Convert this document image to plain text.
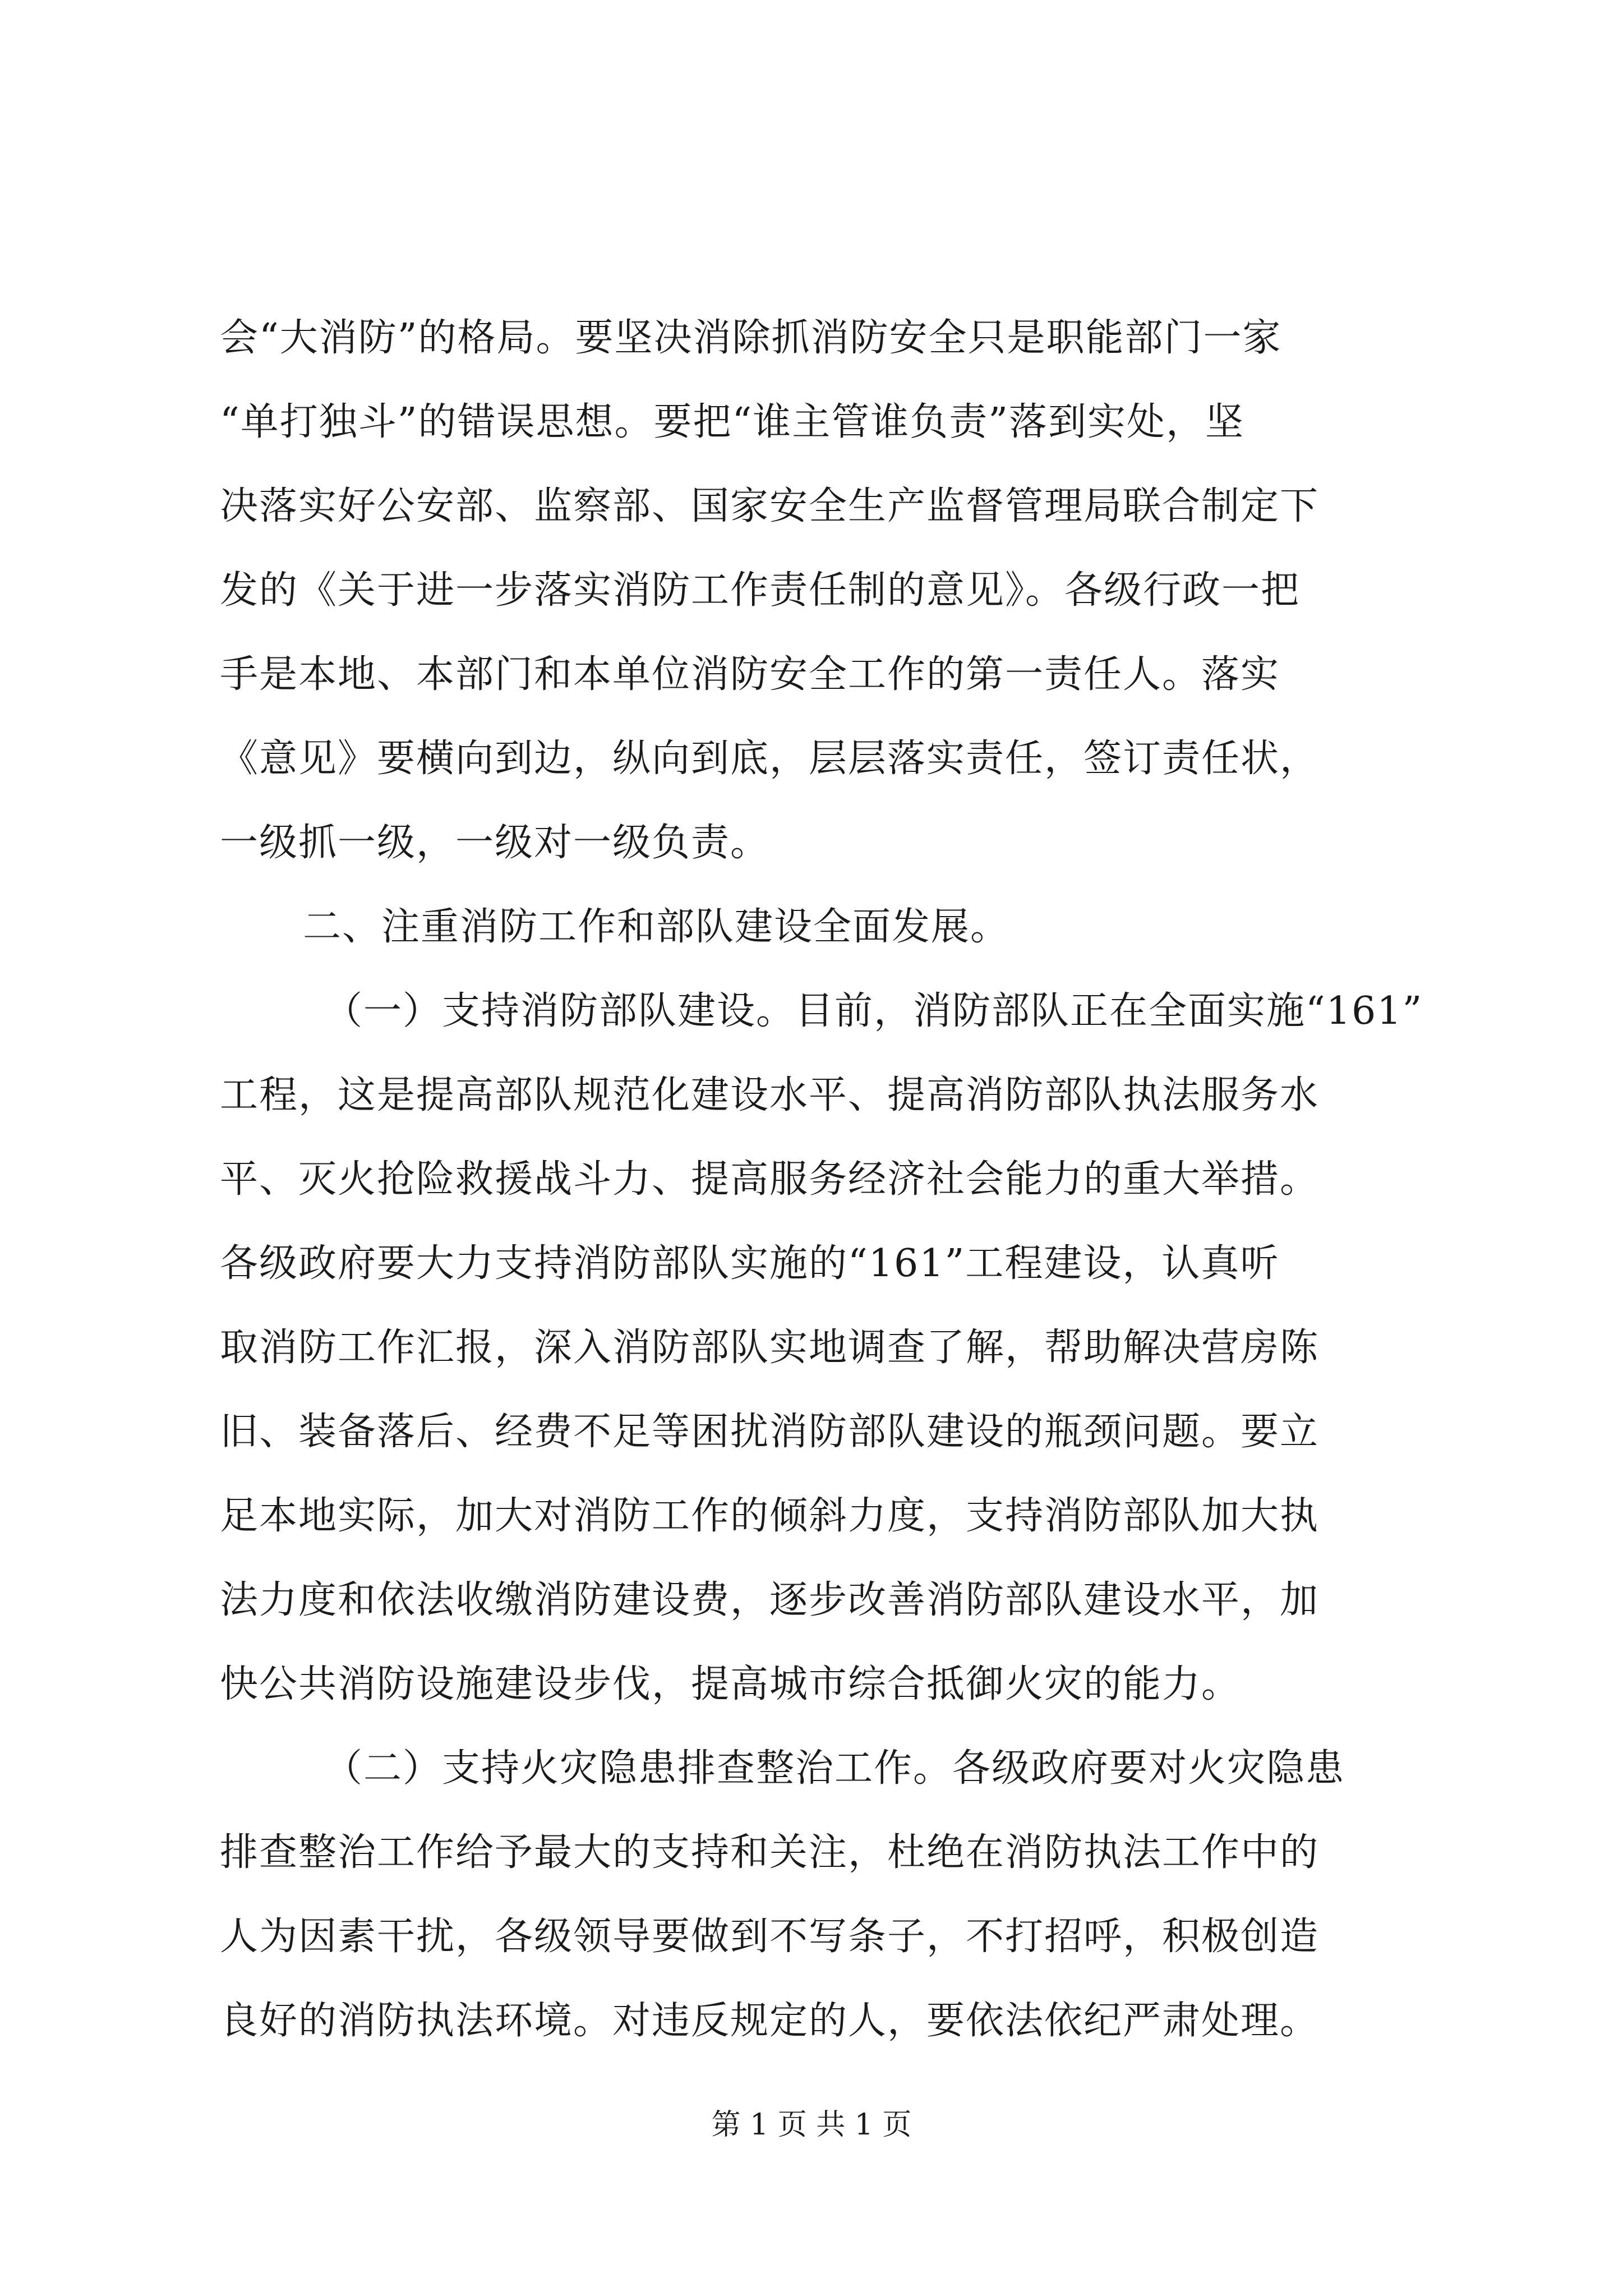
会“大消防”的格局。要坚决消除抓消防安全只是职能部门一家
“单打独斗”的错误思想。要把“谁主管谁负责”落到实处，坚
决落实好公安部、监察部、国家安全生产监督管理局联合制定下
发的《关于进一步落实消防工作责任制的意见》。各级行政一把
手是本地、本部门和本单位消防安全工作的第一责任人。落实
《意见》要横向到边，纵向到底，层层落实责任，签订责任状，
一级抓一级，一级对一级负责。
二、注重消防工作和部队建设全面发展。
（一）支持消防部队建设。目前，消防部队正在全面实施“161”
工程，这是提高部队规范化建设水平、提高消防部队执法服务水
平、灭火抢险救援战斗力、提高服务经济社会能力的重大举措。
各级政府要大力支持消防部队实施的“161”工程建设，认真听
取消防工作汇报，深入消防部队实地调查了解，帮助解决营房陈
旧、装备落后、经费不足等困扰消防部队建设的瓶颈问题。要立
足本地实际，加大对消防工作的倾斜力度，支持消防部队加大执
法力度和依法收缴消防建设费，逐步改善消防部队建设水平，加
快公共消防设施建设步伐，提高城市综合抵御火灾的能力。
（二）支持火灾隐患排查整治工作。各级政府要对火灾隐患
排查整治工作给予最大的支持和关注，杜绝在消防执法工作中的
人为因素干扰，各级领导要做到不写条子，不打招呼，积极创造
良好的消防执法环境。对违反规定的人，要依法依纪严肃处理。
第 1 页 共 1 页
